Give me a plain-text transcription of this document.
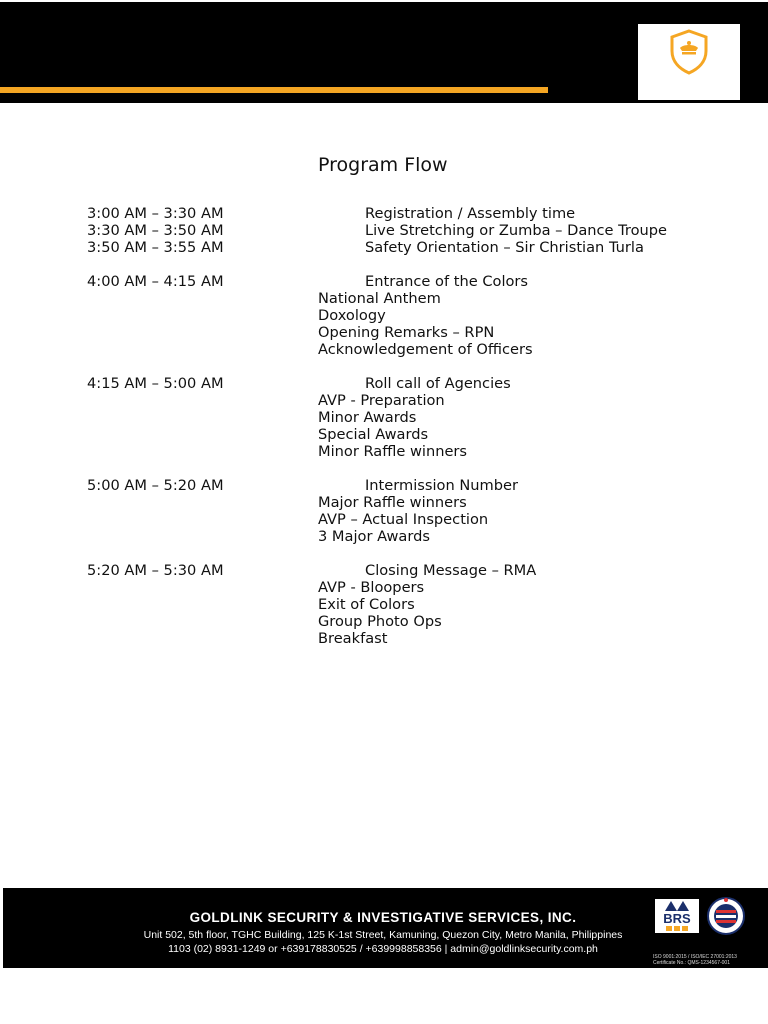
Program Flow
3:00 AM – 3:30 AM	Registration / Assembly time
3:30 AM – 3:50 AM	Live Stretching or Zumba – Dance Troupe
3:50 AM – 3:55 AM	Safety Orientation – Sir Christian Turla
4:00 AM – 4:15 AM	Entrance of the Colors
National Anthem
Doxology
Opening Remarks – RPN
Acknowledgement of Officers
4:15 AM – 5:00 AM	Roll call of Agencies
AVP - Preparation
Minor Awards
Special Awards
Minor Raffle winners
5:00 AM – 5:20 AM	Intermission Number
Major Raffle winners
AVP – Actual Inspection
3 Major Awards
5:20 AM – 5:30 AM	Closing Message – RMA
AVP - Bloopers
Exit of Colors
Group Photo Ops
Breakfast
GOLDLINK SECURITY & INVESTIGATIVE SERVICES, INC.
Unit 502, 5th floor, TGHC Building, 125 K-1st Street, Kamuning, Quezon City, Metro Manila, Philippines
1103 (02) 8931-1249 or +639178830525 / +639998858356 | admin@goldlinksecurity.com.ph
BRS
ISO 9001:2015 / ISO/IEC 27001:2013
Certificate No.: QMS-1234567-001
